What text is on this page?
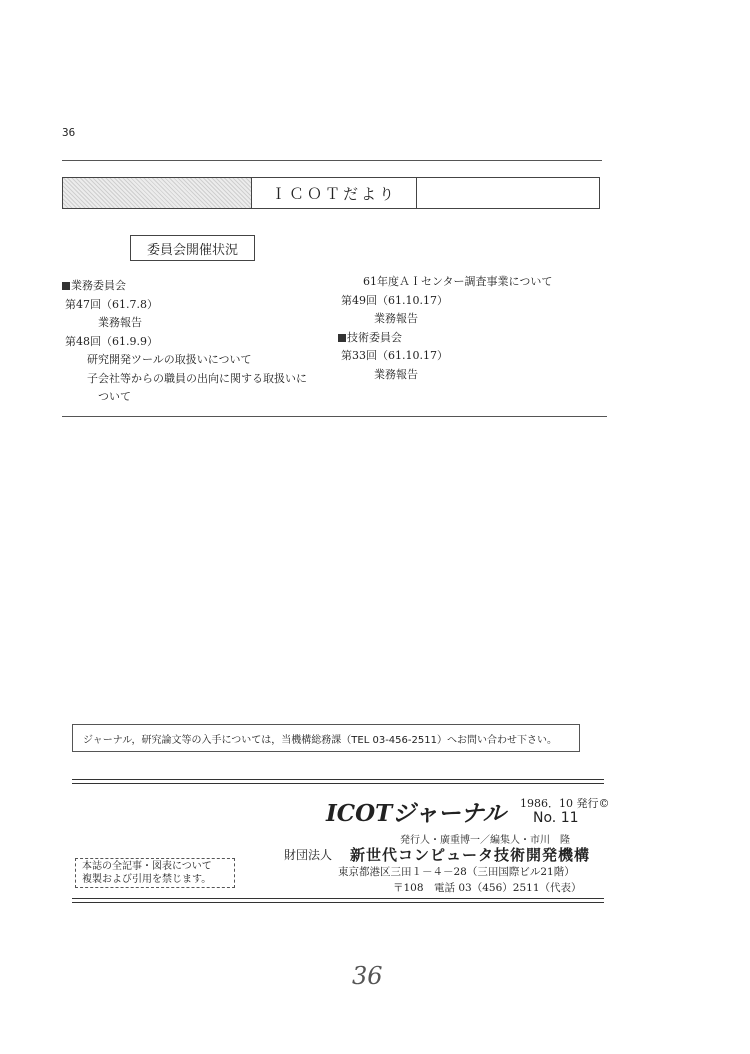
36
ＩＣＯＴだより
委員会開催状況
業務委員会
第47回（61.7.8）
業務報告
第48回（61.9.9）
研究開発ツールの取扱いについて
子会社等からの職員の出向に関する取扱いに
ついて
61年度ＡＩセンター調査事業について
第49回（61.10.17）
業務報告
技術委員会
第33回（61.10.17）
業務報告
ジャーナル，研究論文等の入手については，当機構総務課（TEL 03-456-2511）へお問い合わせ下さい。
ICOTジャーナル 1986．10 発行©
No. 11
発行人・廣重博一／編集人・市川　隆
財団法人 新世代コンピュータ技術開発機構
東京都港区三田１－４－28（三田国際ビル21階）
〒108　電話 03（456）2511（代表）
本誌の全記事・図表について
複製および引用を禁じます。
36
